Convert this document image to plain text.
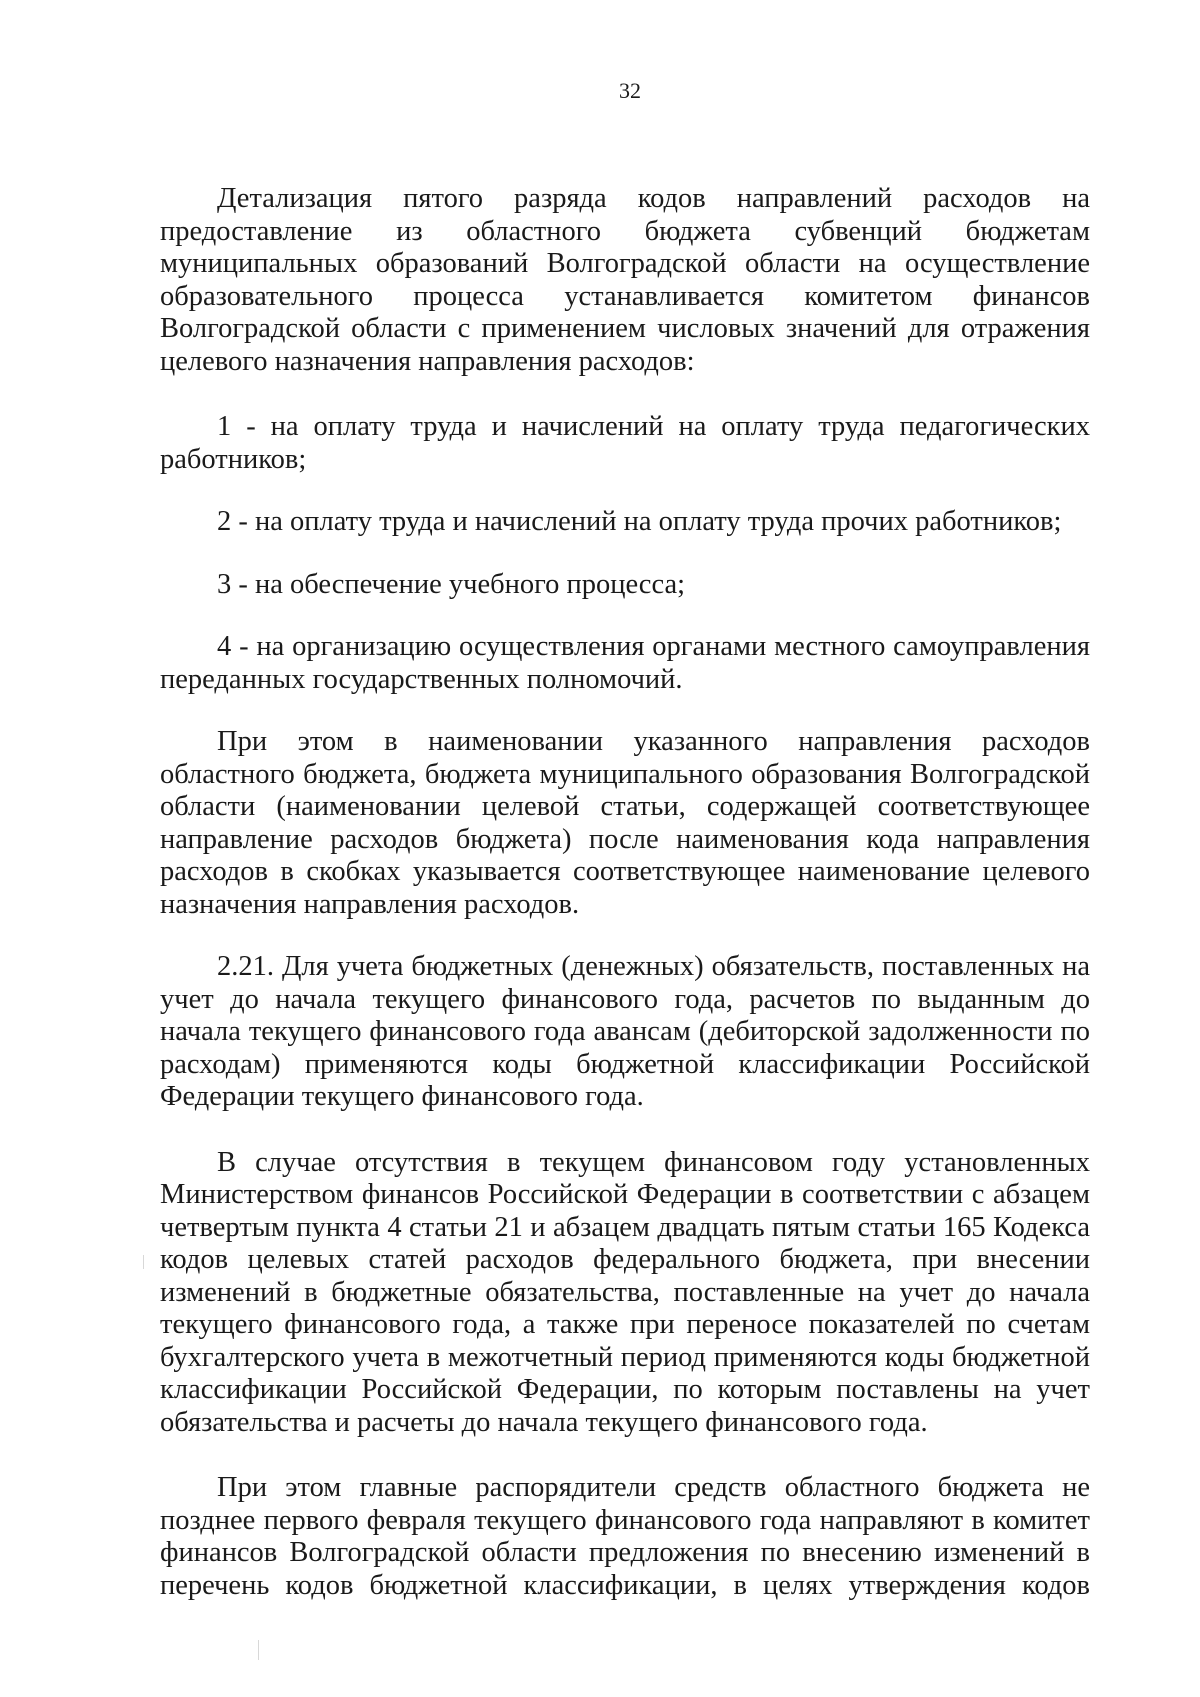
32

Детализация пятого разряда кодов направлений расходов на предоставление из областного бюджета субвенций бюджетам муниципальных образований Волгоградской области на осуществление образовательного процесса устанавливается комитетом финансов Волгоградской области с применением числовых значений для отражения целевого назначения направления расходов:

1 - на оплату труда и начислений на оплату труда педагогических работников;

2 - на оплату труда и начислений на оплату труда прочих работников;

3 - на обеспечение учебного процесса;

4 - на организацию осуществления органами местного самоуправления переданных государственных полномочий.

При этом в наименовании указанного направления расходов областного бюджета, бюджета муниципального образования Волгоградской области (наименовании целевой статьи, содержащей соответствующее направление расходов бюджета) после наименования кода направления расходов в скобках указывается соответствующее наименование целевого назначения направления расходов.

2.21. Для учета бюджетных (денежных) обязательств, поставленных на учет до начала текущего финансового года, расчетов по выданным до начала текущего финансового года авансам (дебиторской задолженности по расходам) применяются коды бюджетной классификации Российской Федерации текущего финансового года.

В случае отсутствия в текущем финансовом году установленных Министерством финансов Российской Федерации в соответствии с абзацем четвертым пункта 4 статьи 21 и абзацем двадцать пятым статьи 165 Кодекса кодов целевых статей расходов федерального бюджета, при внесении изменений в бюджетные обязательства, поставленные на учет до начала текущего финансового года, а также при переносе показателей по счетам бухгалтерского учета в межотчетный период применяются коды бюджетной классификации Российской Федерации, по которым поставлены на учет обязательства и расчеты до начала текущего финансового года.

При этом главные распорядители средств областного бюджета не позднее первого февраля текущего финансового года направляют в комитет финансов Волгоградской области предложения по внесению изменений в перечень кодов бюджетной классификации, в целях утверждения кодов
